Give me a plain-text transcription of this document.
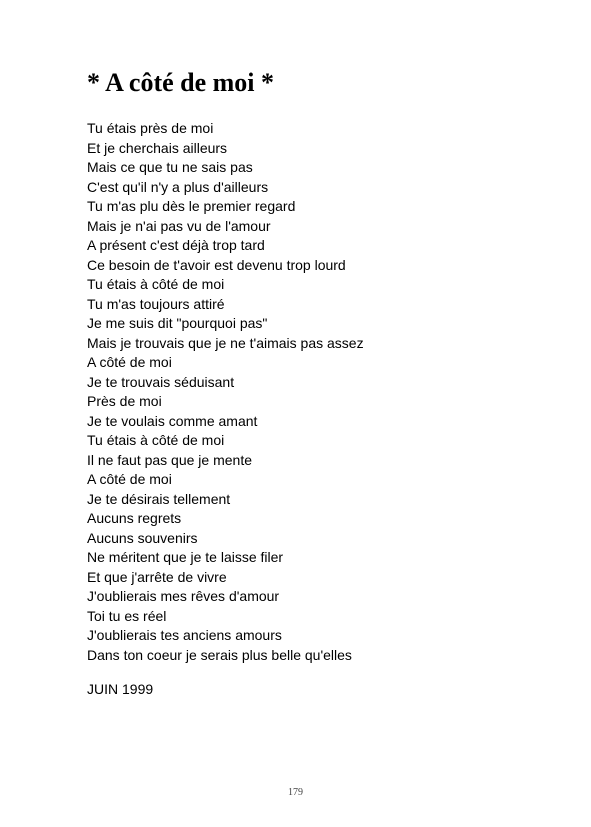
* A côté de moi *
Tu étais près de moi
Et je cherchais ailleurs
Mais ce que tu ne sais pas
C'est qu'il n'y a plus d'ailleurs
Tu m'as plu dès le premier regard
Mais je n'ai pas vu de l'amour
A présent c'est déjà trop tard
Ce besoin de t'avoir est devenu trop lourd
Tu étais à côté de moi
Tu m'as toujours attiré
Je me suis dit "pourquoi pas"
Mais je trouvais que je ne t'aimais pas assez
A côté de moi
Je te trouvais séduisant
Près de moi
Je te voulais comme amant
Tu étais à côté de moi
Il ne faut pas que je mente
A côté de moi
Je te désirais tellement
Aucuns regrets
Aucuns souvenirs
Ne méritent que je te laisse filer
Et que j'arrête de vivre
J'oublierais mes rêves d'amour
Toi tu es réel
J'oublierais tes anciens amours
Dans ton coeur je serais plus belle qu'elles

JUIN 1999

179
